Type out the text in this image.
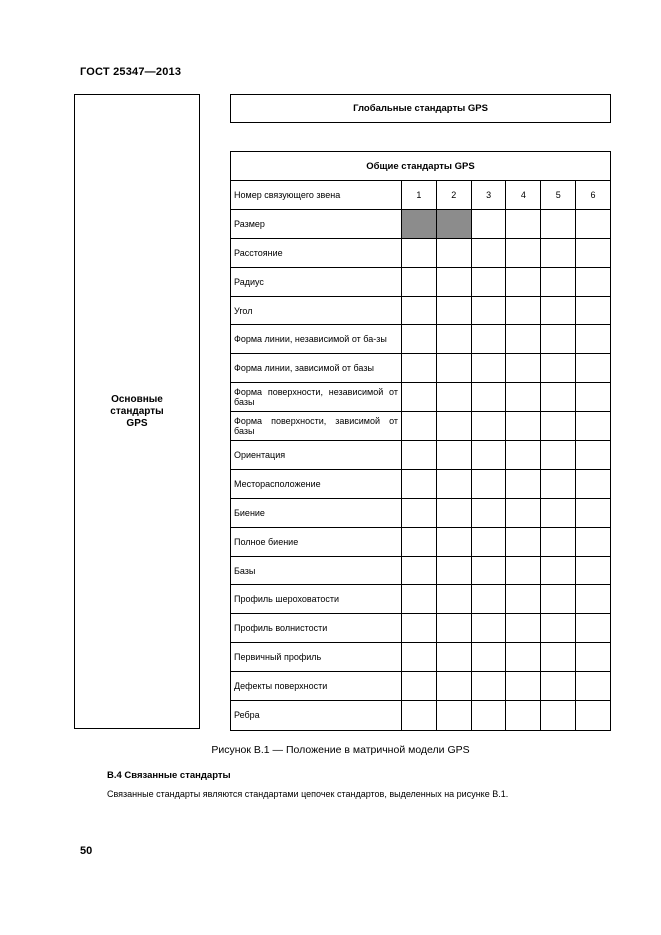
ГОСТ 25347—2013
Основные
стандарты
GPS
Глобальные стандарты GPS
Общие стандарты GPS
Номер связующего звена	1	2	3	4	5	6
Размер
Расстояние
Радиус
Угол
Форма линии, независимой от ба-зы
Форма линии, зависимой от базы
Форма поверхности, независимой от базы
Форма поверхности, зависимой от базы
Ориентация
Месторасположение
Биение
Полное биение
Базы
Профиль шероховатости
Профиль волнистости
Первичный профиль
Дефекты поверхности
Ребра
Рисунок В.1 — Положение в матричной модели GPS
В.4 Связанные стандарты
Связанные стандарты являются стандартами цепочек стандартов, выделенных на рисунке В.1.
50
